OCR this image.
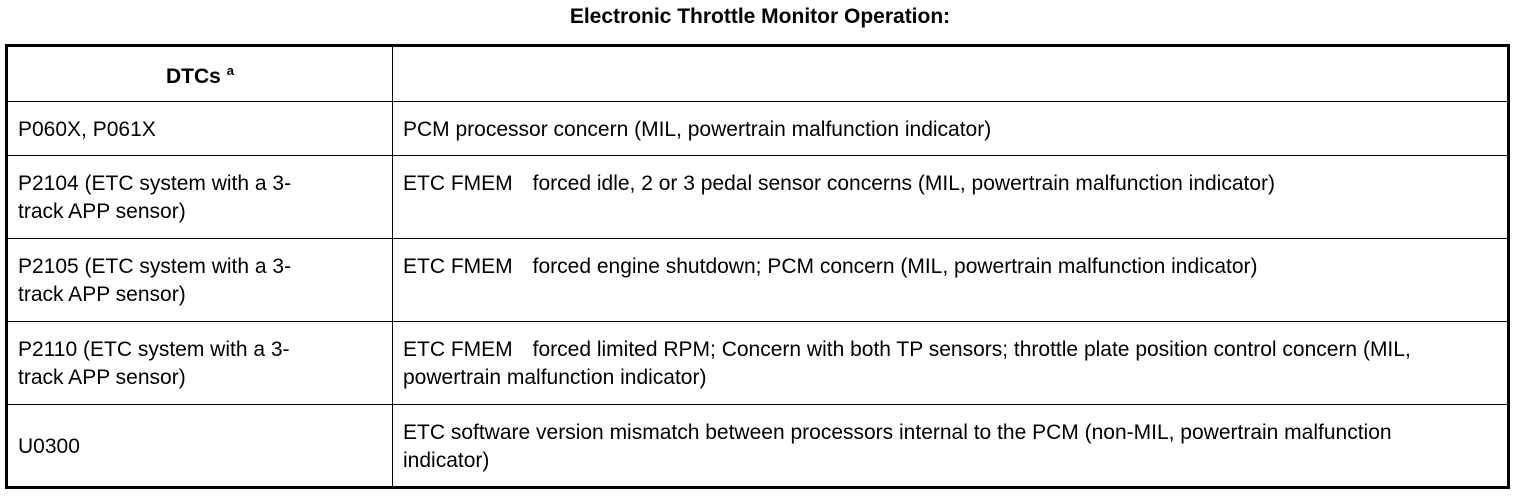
Electronic Throttle Monitor Operation:
DTCs $^a$	
P060X, P061X	PCM processor concern (MIL, powertrain malfunction indicator)
P2104 (ETC system with a 3-track APP sensor)	ETC FMEM forced idle, 2 or 3 pedal sensor concerns (MIL, powertrain malfunction indicator)
P2105 (ETC system with a 3-track APP sensor)	ETC FMEM forced engine shutdown; PCM concern (MIL, powertrain malfunction indicator)
P2110 (ETC system with a 3-track APP sensor)	ETC FMEM forced limited RPM; Concern with both TP sensors; throttle plate position control concern (MIL, powertrain malfunction indicator)
U0300	ETC software version mismatch between processors internal to the PCM (non-MIL, powertrain malfunction indicator)
